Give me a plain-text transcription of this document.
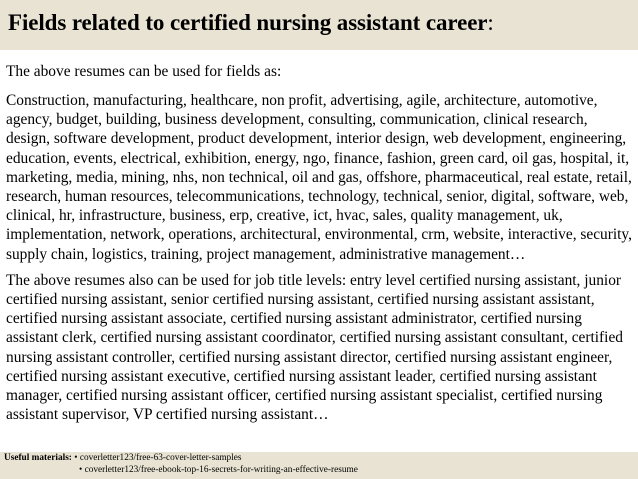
Fields related to certified nursing assistant career:

The above resumes can be used for fields as:

Construction, manufacturing, healthcare, non profit, advertising, agile, architecture, automotive, agency, budget, building, business development, consulting, communication, clinical research, design, software development, product development, interior design, web development, engineering, education, events, electrical, exhibition, energy, ngo, finance, fashion, green card, oil gas, hospital, it, marketing, media, mining, nhs, non technical, oil and gas, offshore, pharmaceutical, real estate, retail, research, human resources, telecommunications, technology, technical, senior, digital, software, web, clinical, hr, infrastructure, business, erp, creative, ict, hvac, sales, quality management, uk, implementation, network, operations, architectural, environmental, crm, website, interactive, security, supply chain, logistics, training, project management, administrative management…

The above resumes also can be used for job title levels: entry level certified nursing assistant, junior certified nursing assistant, senior certified nursing assistant, certified nursing assistant assistant, certified nursing assistant associate, certified nursing assistant administrator, certified nursing assistant clerk, certified nursing assistant coordinator, certified nursing assistant consultant, certified nursing assistant controller, certified nursing assistant director, certified nursing assistant engineer, certified nursing assistant executive, certified nursing assistant leader, certified nursing assistant manager, certified nursing assistant officer, certified nursing assistant specialist, certified nursing assistant supervisor, VP certified nursing assistant…

Useful materials: • coverletter123/free-63-cover-letter-samples
• coverletter123/free-ebook-top-16-secrets-for-writing-an-effective-resume
